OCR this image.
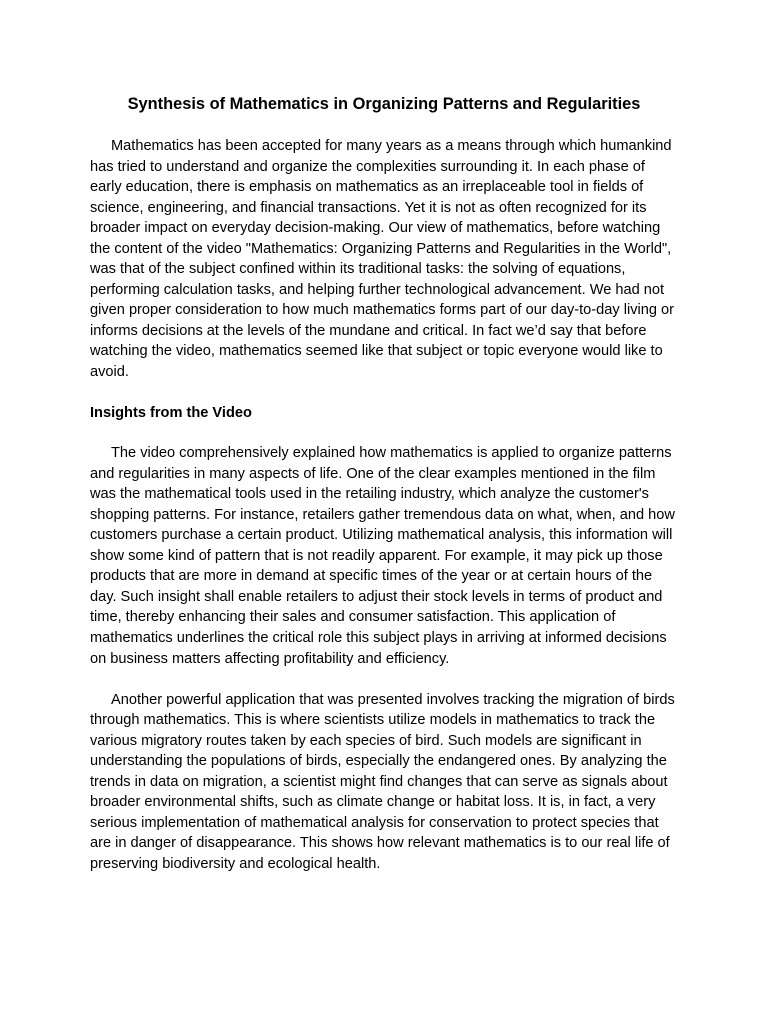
Synthesis of Mathematics in Organizing Patterns and Regularities

Mathematics has been accepted for many years as a means through which humankind has tried to understand and organize the complexities surrounding it. In each phase of early education, there is emphasis on mathematics as an irreplaceable tool in fields of science, engineering, and financial transactions. Yet it is not as often recognized for its broader impact on everyday decision-making. Our view of mathematics, before watching the content of the video "Mathematics: Organizing Patterns and Regularities in the World", was that of the subject confined within its traditional tasks: the solving of equations, performing calculation tasks, and helping further technological advancement. We had not given proper consideration to how much mathematics forms part of our day-to-day living or informs decisions at the levels of the mundane and critical. In fact we’d say that before watching the video, mathematics seemed like that subject or topic everyone would like to avoid.

Insights from the Video

The video comprehensively explained how mathematics is applied to organize patterns and regularities in many aspects of life. One of the clear examples mentioned in the film was the mathematical tools used in the retailing industry, which analyze the customer's shopping patterns. For instance, retailers gather tremendous data on what, when, and how customers purchase a certain product. Utilizing mathematical analysis, this information will show some kind of pattern that is not readily apparent. For example, it may pick up those products that are more in demand at specific times of the year or at certain hours of the day. Such insight shall enable retailers to adjust their stock levels in terms of product and time, thereby enhancing their sales and consumer satisfaction. This application of mathematics underlines the critical role this subject plays in arriving at informed decisions on business matters affecting profitability and efficiency.

Another powerful application that was presented involves tracking the migration of birds through mathematics. This is where scientists utilize models in mathematics to track the various migratory routes taken by each species of bird. Such models are significant in understanding the populations of birds, especially the endangered ones. By analyzing the trends in data on migration, a scientist might find changes that can serve as signals about broader environmental shifts, such as climate change or habitat loss. It is, in fact, a very serious implementation of mathematical analysis for conservation to protect species that are in danger of disappearance. This shows how relevant mathematics is to our real life of preserving biodiversity and ecological health.
